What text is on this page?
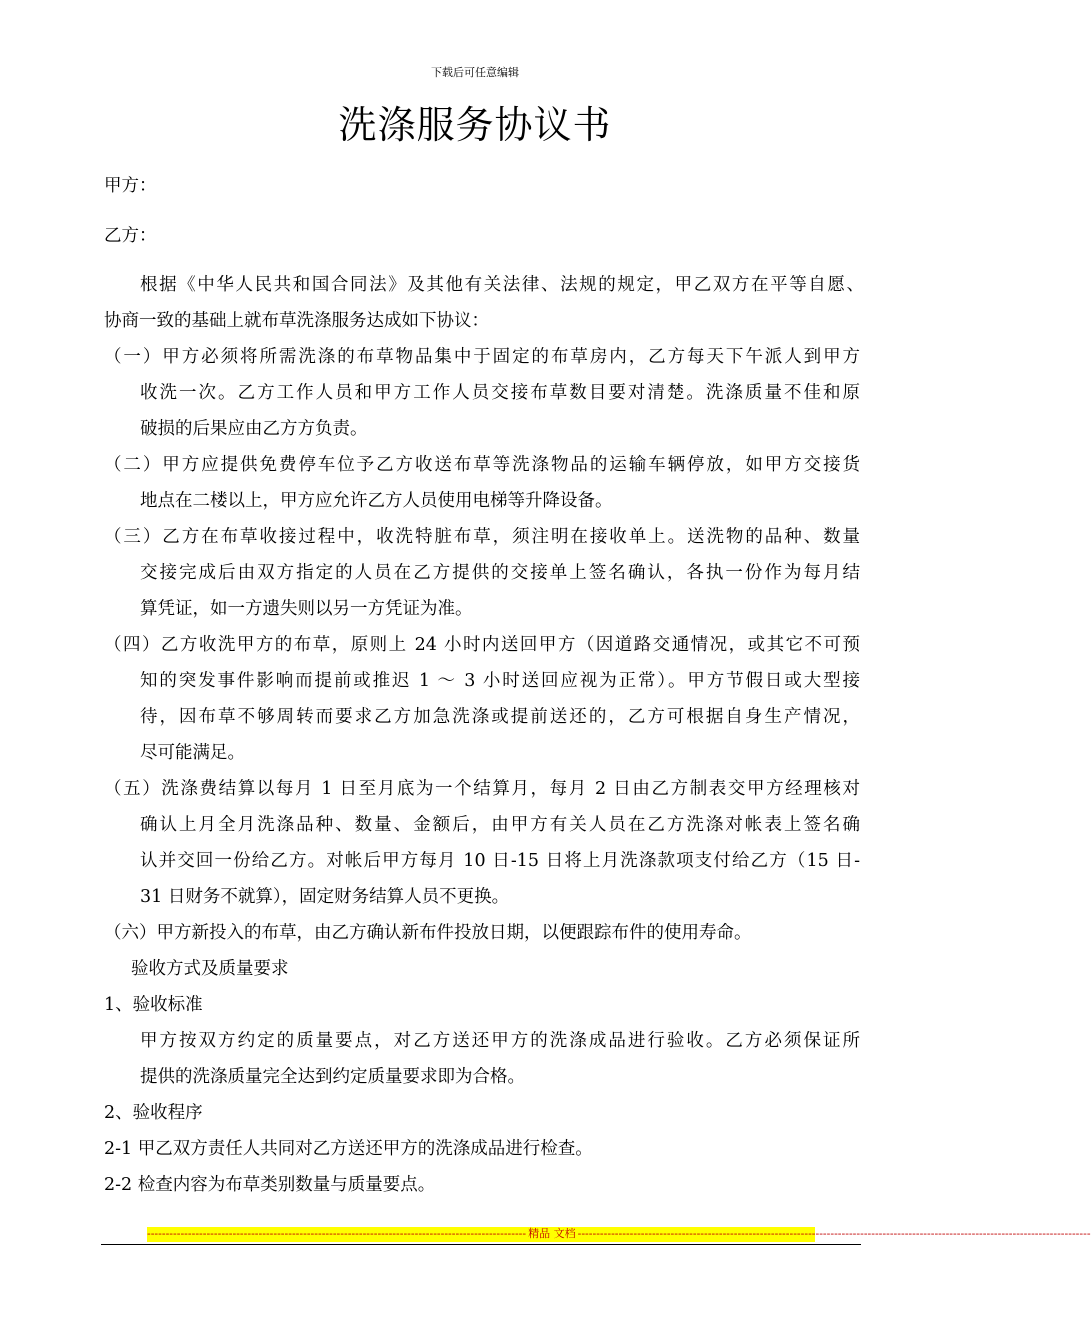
下载后可任意编辑
洗涤服务协议书
甲方：
乙方：
根据《中华人民共和国合同法》及其他有关法律、法规的规定，甲乙双方在平等自愿、
协商一致的基础上就布草洗涤服务达成如下协议：
（一）甲方必须将所需洗涤的布草物品集中于固定的布草房内，乙方每天下午派人到甲方
收洗一次。乙方工作人员和甲方工作人员交接布草数目要对清楚。洗涤质量不佳和原
破损的后果应由乙方方负责。
（二）甲方应提供免费停车位予乙方收送布草等洗涤物品的运输车辆停放，如甲方交接货
地点在二楼以上，甲方应允许乙方人员使用电梯等升降设备。
（三）乙方在布草收接过程中，收洗特脏布草，须注明在接收单上。送洗物的品种、数量
交接完成后由双方指定的人员在乙方提供的交接单上签名确认，各执一份作为每月结
算凭证，如一方遗失则以另一方凭证为准。
（四）乙方收洗甲方的布草，原则上 24 小时内送回甲方（因道路交通情况，或其它不可预
知的突发事件影响而提前或推迟 1 ～ 3 小时送回应视为正常）。甲方节假日或大型接
待，因布草不够周转而要求乙方加急洗涤或提前送还的，乙方可根据自身生产情况，
尽可能满足。
（五）洗涤费结算以每月 1 日至月底为一个结算月，每月 2 日由乙方制表交甲方经理核对
确认上月全月洗涤品种、数量、金额后，由甲方有关人员在乙方洗涤对帐表上签名确
认并交回一份给乙方。对帐后甲方每月 10 日-15 日将上月洗涤款项支付给乙方（15 日-
31 日财务不就算），固定财务结算人员不更换。
（六）甲方新投入的布草，由乙方确认新布件投放日期，以便跟踪布件的使用寿命。
验收方式及质量要求
1、验收标准
甲方按双方约定的质量要点，对乙方送还甲方的洗涤成品进行验收。乙方必须保证所
提供的洗涤质量完全达到约定质量要求即为合格。
2、验收程序
2-1 甲乙双方责任人共同对乙方送还甲方的洗涤成品进行检查。
2-2 检查内容为布草类别数量与质量要点。
------------------------------------------------------------------------------------------------------ 精品 文档 ------------------------------------------------------------------------------------------------------------------------------------------
